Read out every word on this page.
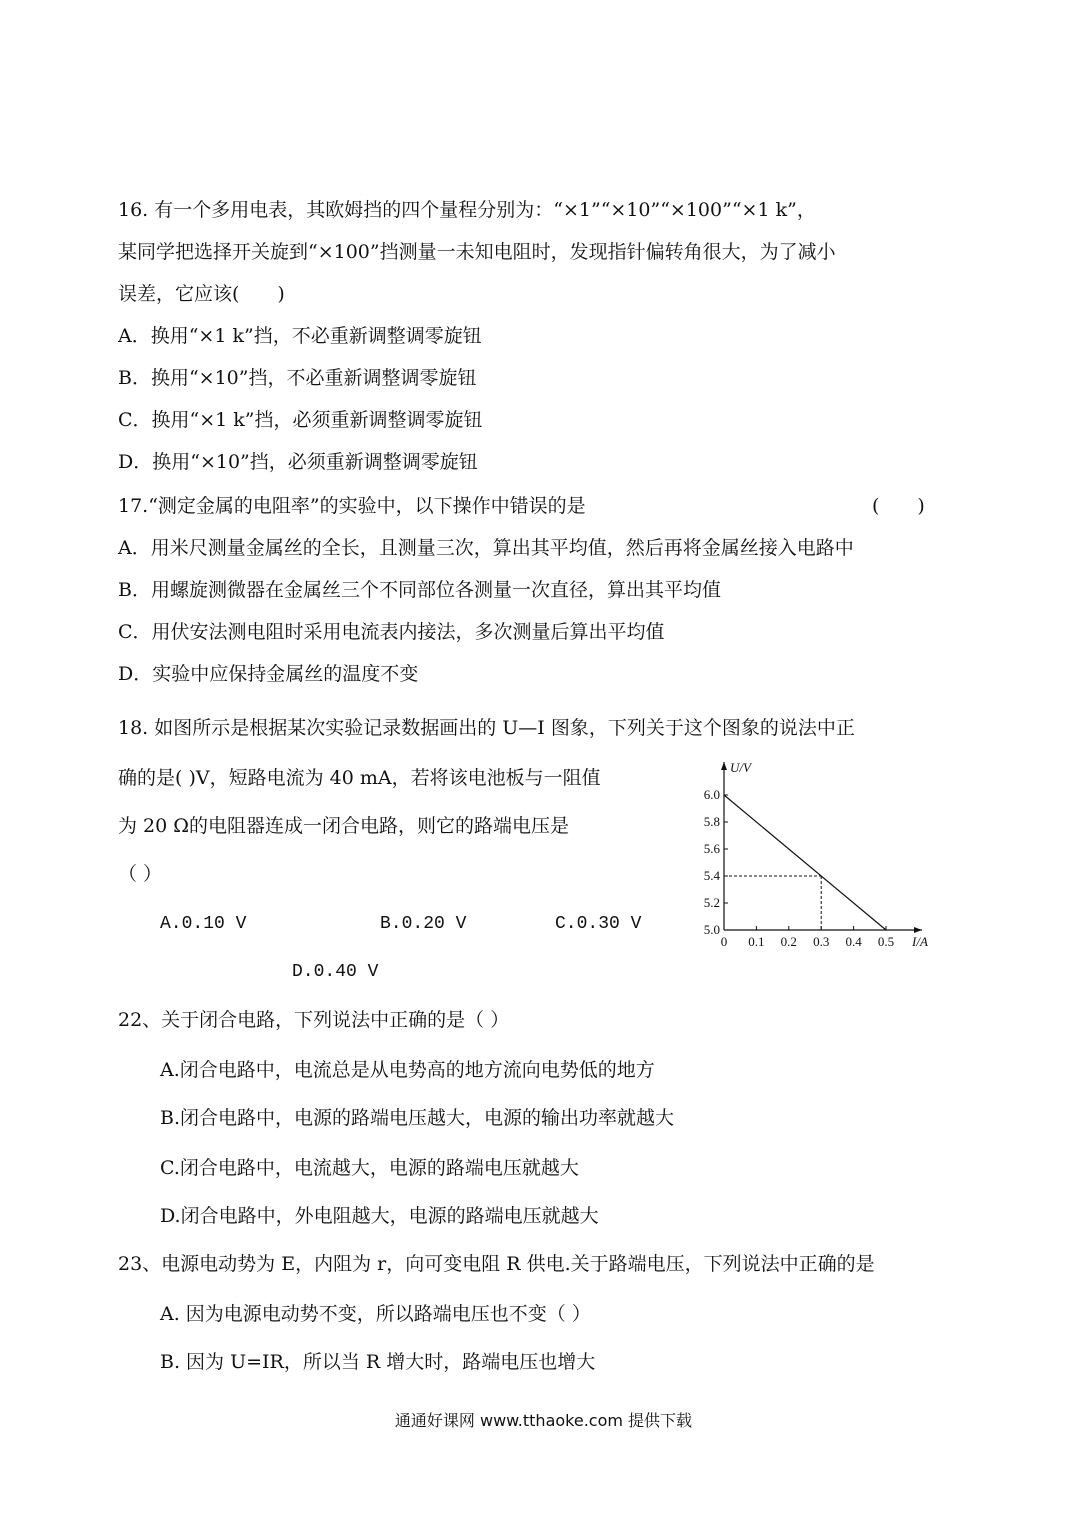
16. 有一个多用电表，其欧姆挡的四个量程分别为：“×1”“×10”“×100”“×1 k”，
某同学把选择开关旋到“×100”挡测量一未知电阻时，发现指针偏转角很大，为了减小
误差，它应该(　　)
A．换用“×1 k”挡，不必重新调整调零旋钮
B．换用“×10”挡，不必重新调整调零旋钮
C．换用“×1 k”挡，必须重新调整调零旋钮
D．换用“×10”挡，必须重新调整调零旋钮
17.“测定金属的电阻率”的实验中，以下操作中错误的是	(　　)
A．用米尺测量金属丝的全长，且测量三次，算出其平均值，然后再将金属丝接入电路中
B．用螺旋测微器在金属丝三个不同部位各测量一次直径，算出其平均值
C．用伏安法测电阻时采用电流表内接法，多次测量后算出平均值
D．实验中应保持金属丝的温度不变
18. 如图所示是根据某次实验记录数据画出的 U—I 图象，下列关于这个图象的说法中正
确的是( )V，短路电流为 40 mA，若将该电池板与一阻值
为 20 Ω的电阻器连成一闭合电路，则它的路端电压是
（ ）
A.0.10 V	B.0.20 V	C.0.30 V
D.0.40 V
U/V
I/A
0 0.1 0.2 0.3 0.4 0.5
5.0
5.2
5.4
5.6
5.8
6.0
22、关于闭合电路，下列说法中正确的是（ ）
A.闭合电路中，电流总是从电势高的地方流向电势低的地方
B.闭合电路中，电源的路端电压越大，电源的输出功率就越大
C.闭合电路中，电流越大，电源的路端电压就越大
D.闭合电路中，外电阻越大，电源的路端电压就越大
23、电源电动势为 E，内阻为 r，向可变电阻 R 供电.关于路端电压，下列说法中正确的是
A. 因为电源电动势不变，所以路端电压也不变（ ）
B. 因为 U=IR，所以当 R 增大时，路端电压也增大
通通好课网 www.tthaoke.com 提供下载
